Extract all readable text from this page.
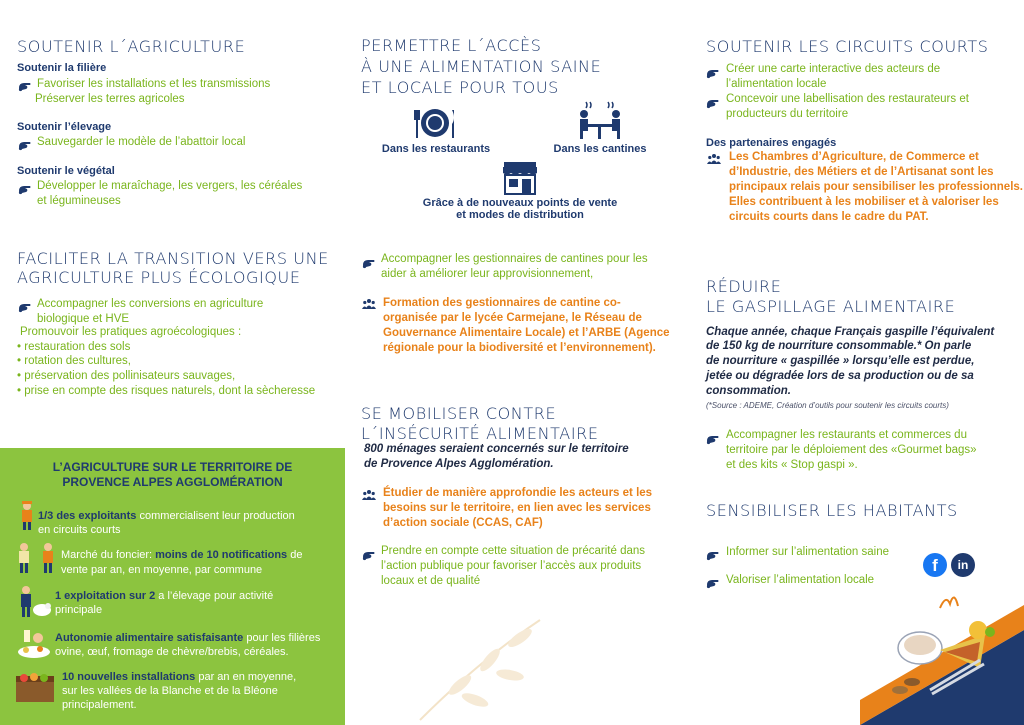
SOUTENIR L´AGRICULTURE
Soutenir la filière
Favoriser les installations et les transmissions
Préserver les terres agricoles
Soutenir l’élevage
Sauvegarder le modèle de l’abattoir local
Soutenir le végétal
Développer le maraîchage, les vergers, les céréales
et légumineuses
FACILITER LA TRANSITION VERS UNE
AGRICULTURE PLUS ÉCOLOGIQUE
Accompagner les conversions en agriculture
biologique et HVE
Promouvoir les pratiques agroécologiques :
• restauration des sols
• rotation des cultures,
• préservation des pollinisateurs sauvages,
• prise en compte des risques naturels, dont la sècheresse
L’AGRICULTURE SUR LE TERRITOIRE DE
PROVENCE ALPES AGGLOMÉRATION
1/3 des exploitants commercialisent leur production
en circuits courts
Marché du foncier: moins de 10 notifications de
vente par an, en moyenne, par commune
1 exploitation sur 2 a l’élevage pour activité
principale
Autonomie alimentaire satisfaisante pour les filières
ovine, œuf, fromage de chèvre/brebis, céréales.
10 nouvelles installations par an en moyenne,
sur les vallées de la Blanche et de la Bléone
principalement.
PERMETTRE L´ACCÈS
À UNE ALIMENTATION SAINE
ET LOCALE POUR TOUS
Dans les restaurants	Dans les cantines
Grâce à de nouveaux points de vente
et modes de distribution
Accompagner les gestionnaires de cantines pour les
aider à améliorer leur approvisionnement,
Formation des gestionnaires de cantine co-
organisée par le lycée Carmejane, le Réseau de
Gouvernance Alimentaire Locale) et l’ARBE (Agence
régionale pour la biodiversité et l’environnement).
SE MOBILISER CONTRE
L´INSÉCURITÉ ALIMENTAIRE
800 ménages seraient concernés sur le territoire
de Provence Alpes Agglomération.
Étudier de manière approfondie les acteurs et les
besoins sur le territoire, en lien avec les services
d’action sociale (CCAS, CAF)
Prendre en compte cette situation de précarité dans
l’action publique pour favoriser l’accès aux produits
locaux et de qualité
SOUTENIR LES CIRCUITS COURTS
Créer une carte interactive des acteurs de
l’alimentation locale
Concevoir une labellisation des restaurateurs et
producteurs du territoire
Des partenaires engagés
Les Chambres d’Agriculture, de Commerce et
d’Industrie, des Métiers et de l’Artisanat sont les
principaux relais pour sensibiliser les professionnels.
Elles contribuent à les mobiliser et à valoriser les
circuits courts dans le cadre du PAT.
RÉDUIRE
LE GASPILLAGE ALIMENTAIRE
Chaque année, chaque Français gaspille l’équivalent
de 150 kg de nourriture consommable.* On parle
de nourriture « gaspillée » lorsqu’elle est perdue,
jetée ou dégradée lors de sa production ou de sa
consommation.
(*Source : ADEME, Création d’outils pour soutenir les circuits courts)
Accompagner les restaurants et commerces du
territoire par le déploiement des «Gourmet bags»
et des kits « Stop gaspi ».
SENSIBILISER LES HABITANTS
Informer sur l’alimentation saine
Valoriser l’alimentation locale
f	in
